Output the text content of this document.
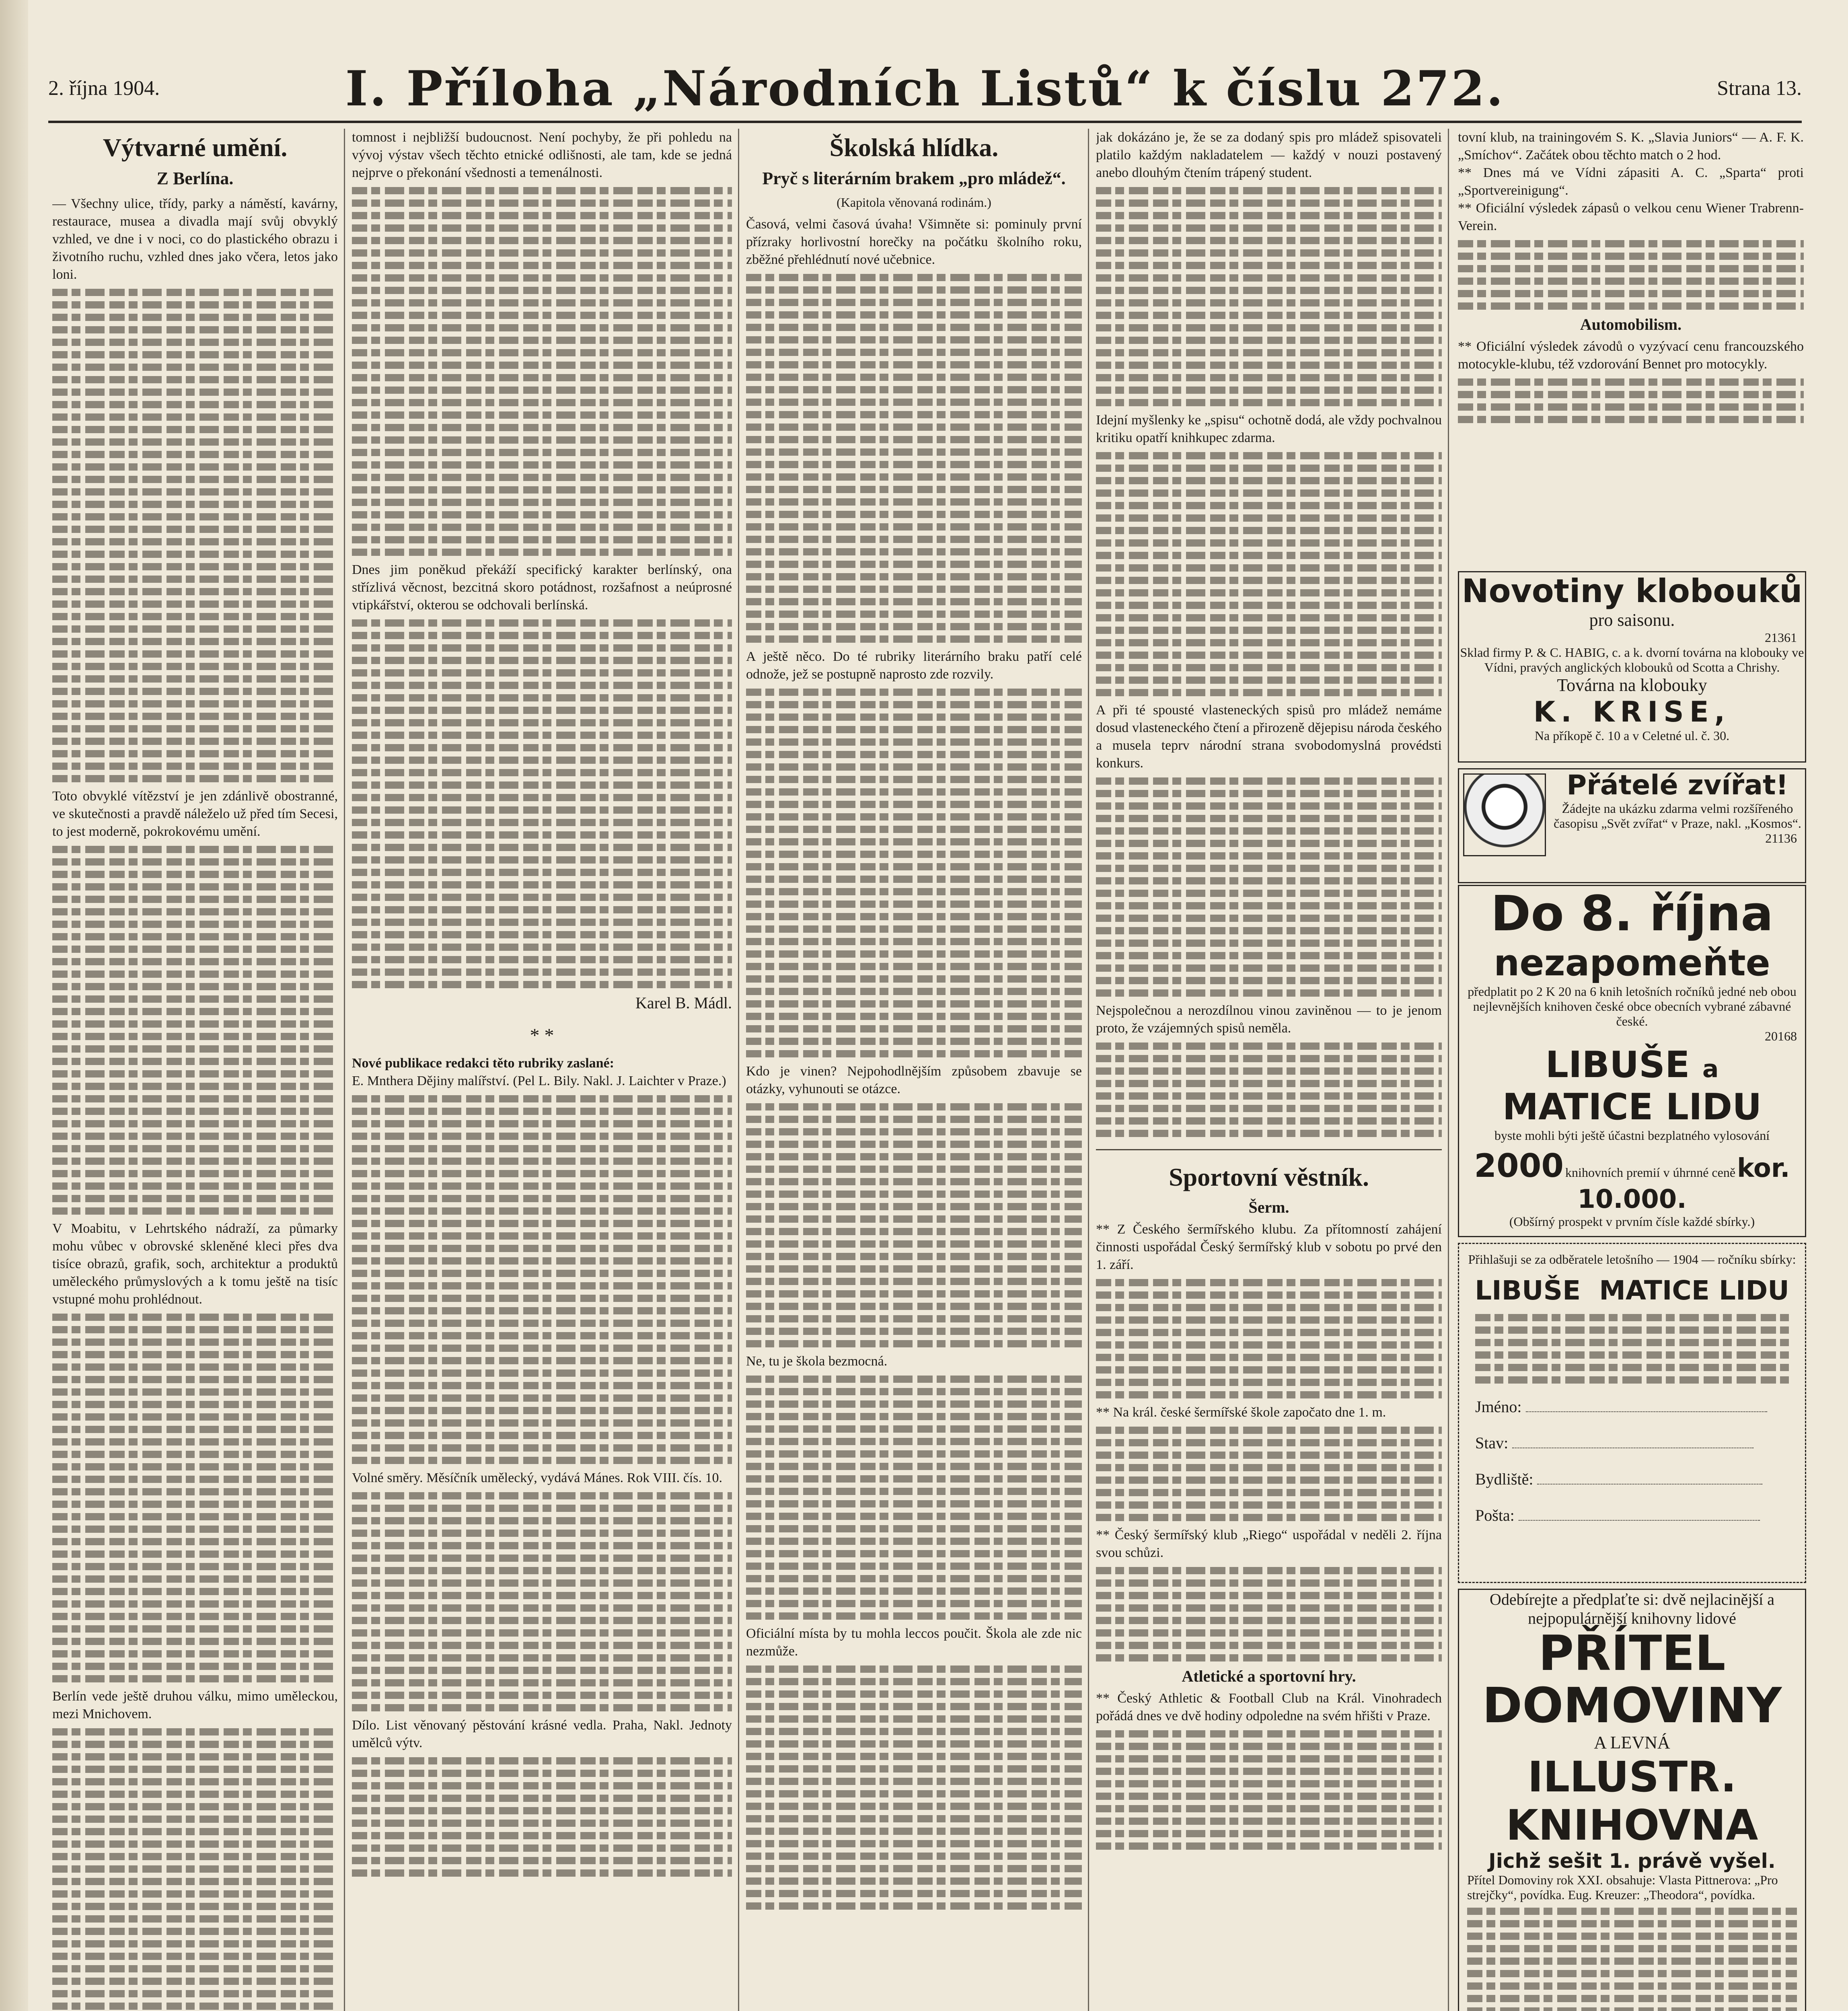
2. října 1904.	I. Příloha „Národních Listů“ k číslu 272.	Strana 13.
Výtvarné umění.
Z Berlína.

— Všechny ulice, třídy, parky a náměstí, kavárny, restaurace, musea a divadla mají svůj obvyklý vzhled, ve dne i v noci, co do plastického obrazu i životního ruchu, vzhled dnes jako včera, letos jako loni.

Toto obvyklé vítězství je jen zdánlivě obostranné, ve skutečnosti a pravdě náleželo už před tím Secesi, to jest moderně, pokrokovému umění.

V Moabitu, v Lehrtského nádraží, za půmarky mohu vůbec v obrovské skleněné kleci přes dva tisíce obrazů, grafik, soch, architektur a produktů uměleckého průmyslových a k tomu ještě na tisíc vstupné mohu prohlédnout.

Berlín vede ještě druhou válku, mimo uměleckou, mezi Mnichovem.

tomnost i nejbližší budoucnost. Není pochyby, že při pohledu na vývoj výstav všech těchto etnické odlišnosti, ale tam, kde se jedná nejprve o překonání všednosti a temenálnosti.

Dnes jim poněkud překáží specifický karakter berlínský, ona střízlivá věcnost, bezcitná skoro potádnost, rozšafnost a neúprosné vtipkářství, okterou se odchovali berlínská.

Karel B. Mádl.
* *

Nové publikace redakci těto rubriky zaslané:

E. Mnthera Dějiny malířství. (Pel L. Bily. Nakl. J. Laichter v Praze.)

Volné směry. Měsíčník umělecký, vydává Mánes. Rok VIII. čís. 10.

Dílo. List věnovaný pěstování krásné vedla. Praha, Nakl. Jednoty umělců výtv.

Školská hlídka.
Pryč s literárním brakem „pro mládež“.
(Kapitola věnovaná rodinám.)

Časová, velmi časová úvaha! Všimněte si: pominuly první přízraky horlivostní horečky na počátku školního roku, zběžné přehlédnutí nové učebnice.

A ještě něco. Do té rubriky literárního braku patří celé odnože, jež se postupně naprosto zde rozvily.

Kdo je vinen? Nejpohodlnějším způsobem zbavuje se otázky, vyhunouti se otázce.

Ne, tu je škola bezmocná.

Oficiální místa by tu mohla leccos poučit. Škola ale zde nic nezmůže.

jak dokázáno je, že se za dodaný spis pro mládež spisovateli platilo každým nakladatelem — každý v nouzi postavený anebo dlouhým čtením trápený student.

Idejní myšlenky ke „spisu“ ochotně dodá, ale vždy pochvalnou kritiku opatří knihkupec zdarma.

A při té spousté vlasteneckých spisů pro mládež nemáme dosud vlasteneckého čtení a přirozeně dějepisu národa českého a musela teprv národní strana svobodomyslná provédsti konkurs.

Nejspolečnou a nerozdílnou vinou zaviněnou — to je jenom proto, že vzájemných spisů neměla.

Sportovní věstník.
Šerm.

** Z Českého šermířského klubu. Za přítomností zahájení činnosti uspořádal Český šermířský klub v sobotu po prvé den 1. září.

** Na král. české šermířské škole započato dne 1. m.

** Český šermířský klub „Riego“ uspořádal v neděli 2. října svou schůzi.

Atletické a sportovní hry.

** Český Athletic & Football Club na Král. Vinohradech pořádá dnes ve dvě hodiny odpoledne na svém hřišti v Praze.

tovní klub, na trainingovém S. K. „Slavia Juniors“ — A. F. K. „Smíchov“. Začátek obou těchto match o 2 hod.

** Dnes má ve Vídni zápasiti A. C. „Sparta“ proti „Sportvereinigung“.

** Oficiální výsledek zápasů o velkou cenu Wiener Trabrenn-Verein.

Automobilism.

** Oficiální výsledek závodů o vyzývací cenu francouzského motocykle-klubu, též vzdorování Bennet pro motocykly.

Novotiny klobouků
pro saisonu.
21361
Sklad firmy P. & C. HABIG, c. a k. dvorní továrna na klobouky ve Vídni, pravých anglických klobouků od Scotta a Chrishy.
Továrna na klobouky
K. KRISE,
Na příkopě č. 10 a v Celetné ul. č. 30.
Přátelé zvířat!
Žádejte na ukázku zdarma velmi rozšířeného časopisu „Svět zvířat“ v Praze, nakl. „Kosmos“.
21136
Do 8. října
nezapomeňte
předplatit po 2 K 20 na 6 knih letošních ročníků jedné neb obou nejlevnějších knihoven české obce obecních vybrané zábavné české.
20168
LIBUŠE a
MATICE LIDU
byste mohli býti ještě účastni bezplatného vylosování
2000 knihovních premií v úhrnné ceně kor. 10.000.
(Obšírný prospekt v prvním čísle každé sbírky.)
Přihlašuji se za odběratele letošního — 1904 — ročníku sbírky:
LIBUŠE MATICE LIDU
Jméno:
Stav:
Bydliště:
Pošta:
Odebírejte a předplaťte si: dvě nejlacinější a nejpopulárnější knihovny lidové
PŘÍTEL DOMOVINY
A LEVNÁ
ILLUSTR. KNIHOVNA
Jichž sešit 1. právě vyšel.
Přítel Domoviny rok XXI. obsahuje: Vlasta Pittnerova: „Pro strejčky“, povídka. Eug. Kreuzer: „Theodora“, povídka.
